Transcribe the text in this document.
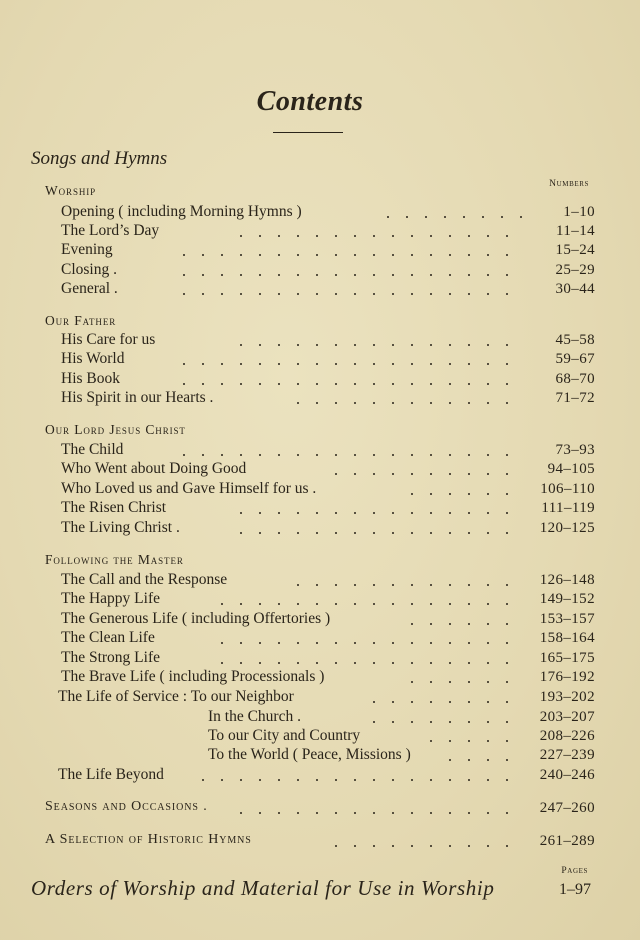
Contents
Songs and Hymns
Numbers
Worship
Opening ( including Morning Hymns )	1–10
The Lord’s Day	11–14
Evening	15–24
Closing .	25–29
General .	30–44
Our Father
His Care for us	45–58
His World	59–67
His Book	68–70
His Spirit in our Hearts .	71–72
Our Lord Jesus Christ
The Child	73–93
Who Went about Doing Good	94–105
Who Loved us and Gave Himself for us .	106–110
The Risen Christ	111–119
The Living Christ .	120–125
Following the Master
The Call and the Response	126–148
The Happy Life	149–152
The Generous Life ( including Offertories )	153–157
The Clean Life	158–164
The Strong Life	165–175
The Brave Life ( including Processionals )	176–192
The Life of Service : To our Neighbor	193–202
In the Church .	203–207
To our City and Country	208–226
To the World ( Peace, Missions )	227–239
The Life Beyond	240–246
Seasons and Occasions .	247–260
A Selection of Historic Hymns	261–289
Pages
Orders of Worship and Material for Use in Worship	1–97
